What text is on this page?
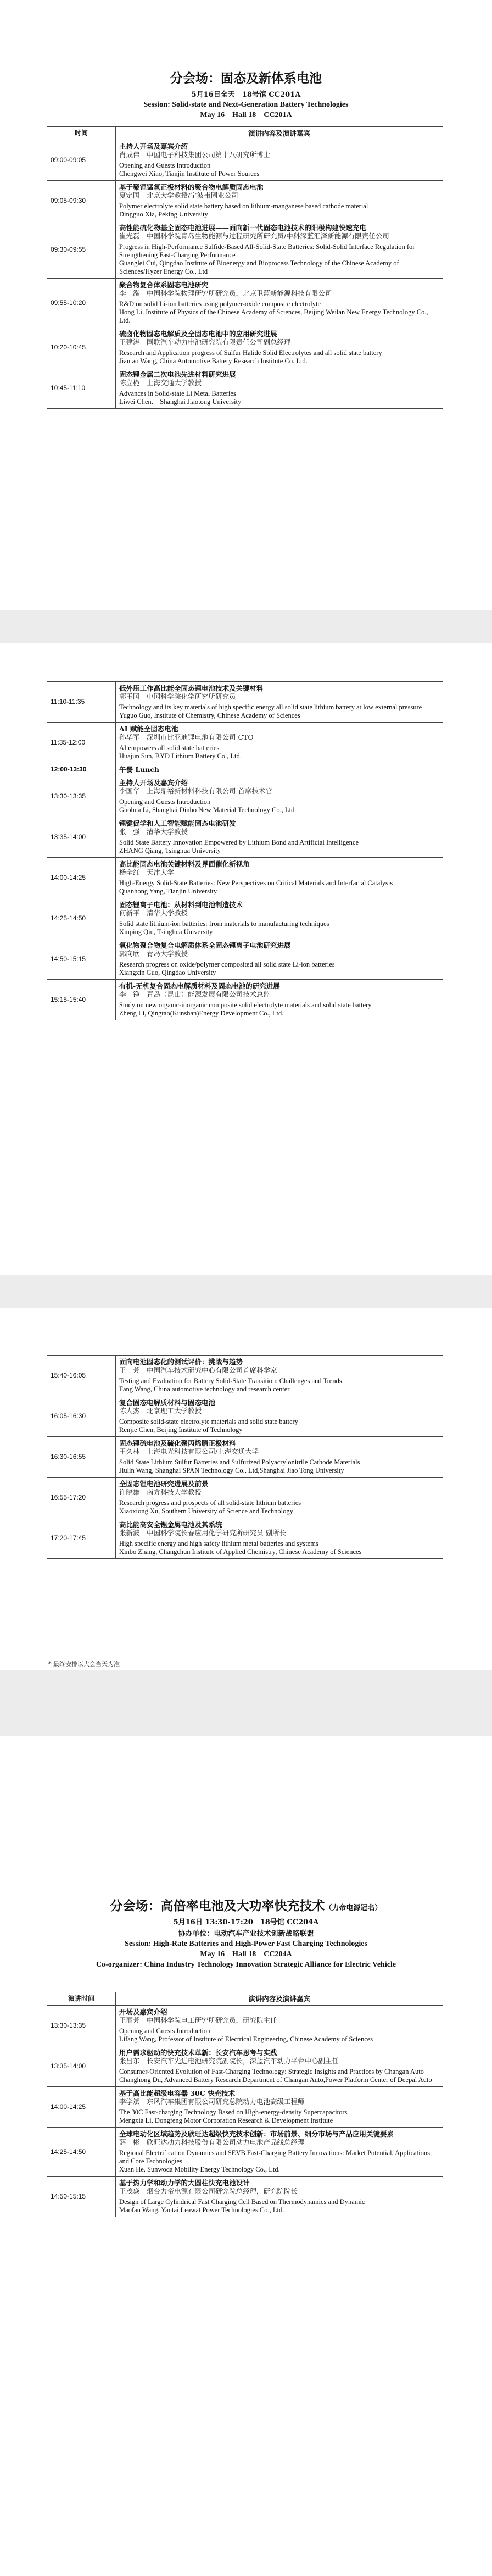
分会场：固态及新体系电池
5月16日全天　18号馆 CC201A
Session: Solid-state and Next-Generation Battery Technologies
May 16　Hall 18　CC201A
时间	演讲内容及演讲嘉宾
09:00-09:05	主持人开场及嘉宾介绍
肖成伟　中国电子科技集团公司第十八研究所博士
Opening and Guests Introduction
Chengwei Xiao, Tianjin Institute of Power Sources

09:05-09:30	基于聚锂锰氧正极材料的聚合物电解质固态电池
夏定国　北京大学教授/宁波韦固业公司
Polymer electrolyte solid state battery based on lithium-manganese based cathode material
Dingguo Xia, Peking University

09:30-09:55	高性能硫化物基全固态电池进展——面向新一代固态电池技术的阳极构建快速充电
崔光磊　中国科学院青岛生物能源与过程研究所研究员/中科深蓝汇泽新能源有限责任公司
Progress in High-Performance Sulfide-Based All-Solid-State Batteries: Solid-Solid Interface Regulation for Strengthening Fast-Charging Performance
Guanglei Cui, Qingdao Institute of Bioenergy and Bioprocess Technology of the Chinese Academy of Sciences/Hyzer Energy Co., Ltd

09:55-10:20	聚合物复合体系固态电池研究
李　泓　中国科学院物理研究所研究员，北京卫蓝新能源科技有限公司
R&D on solid Li-ion batteries using polymer-oxide composite electrolyte
Hong Li, Institute of Physics of the Chinese Academy of Sciences, Beijing Weilan New Energy Technology Co., Ltd.

10:20-10:45	硫卤化物固态电解质及全固态电池中的应用研究进展
王建涛　国联汽车动力电池研究院有限责任公司副总经理
Research and Application progress of Sulfur Halide Solid Electrolytes and all solid state battery
Jiantao Wang, China Automotive Battery Research Institute Co. Ltd.

10:45-11:10	固态锂金属二次电池先进材料研究进展
陈立桅　上海交通大学教授
Advances in Solid-state Li Metal Batteries
Liwei Chen,　Shanghai Jiaotong University
11:10-11:35	低外压工作高比能全固态锂电池技术及关键材料
郭玉国　中国科学院化学研究所研究员
Technology and its key materials of high specific energy all solid state lithium battery at low external pressure
Yuguo Guo, Institute of Chemistry, Chinese Academy of Sciences

11:35-12:00	AI 赋能全固态电池
孙华军　深圳市比亚迪锂电池有限公司 CTO
AI empowers all solid state batteries
Huajun Sun, BYD Lithium Battery Co., Ltd.

12:00-13:30	午餐 Lunch
13:30-13:35	主持人开场及嘉宾介绍
李国华　上海鼎裕新材料科技有限公司 首席技术官
Opening and Guests Introduction
Guohua Li, Shanghai Dinho New Material Technology Co., Ltd

13:35-14:00	锂键促学和人工智能赋能固态电池研发
张　强　清华大学教授
Solid State Battery Innovation Empowered by Lithium Bond and Artificial Intelligence
ZHANG Qiang, Tsinghua University

14:00-14:25	高比能固态电池关键材料及界面催化新视角
杨全红　天津大学
High-Energy Solid-State Batteries: New Perspectives on Critical Materials and Interfacial Catalysis
Quanhong Yang, Tianjin University

14:25-14:50	固态锂离子电池：从材料到电池制造技术
何新平　清华大学教授
Solid state lithium-ion batteries: from materials to manufacturing techniques
Xinping Qiu, Tsinghua University

14:50-15:15	氧化物聚合物复合电解质体系全固态锂离子电池研究进展
郭向欣　青岛大学教授
Research progress on oxide/polymer composited all solid state Li-ion batteries
Xiangxin Guo, Qingdao University

15:15-15:40	有机-无机复合固态电解质材料及固态电池的研究进展
李　铮　青岛（昆山）能源发展有限公司技术总监
Study on new organic-inorganic composite solid electrolyte materials and solid state battery
Zheng Li, Qingtao(Kunshan)Energy Development Co., Ltd.
15:40-16:05	面向电池固态化的测试评价：挑战与趋势
王　芳　中国汽车技术研究中心有限公司首席科学家
Testing and Evaluation for Battery Solid-State Transition: Challenges and Trends
Fang Wang, China automotive technology and research center

16:05-16:30	复合固态电解质材料与固态电池
陈人杰　北京理工大学教授
Composite solid-state electrolyte materials and solid state battery
Renjie Chen, Beijing Institute of Technology

16:30-16:55	固态锂硫电池及硫化聚丙烯腈正极材料
王久林　上海电光科技有限公司/上海交通大学
Solid State Lithium Sulfur Batteries and Sulfurized Polyacrylonitrile Cathode Materials
Jiulin Wang, Shanghai SPAN Technology Co., Ltd,Shanghai Jiao Tong University

16:55-17:20	全固态锂电池研究进展及前景
许晓雄　南方科技大学教授
Research progress and prospects of all solid-state lithium batteries
Xiaoxiong Xu, Southern University of Science and Technology

17:20-17:45	高比能高安全锂金属电池及其系统
张新波　中国科学院长春应用化学研究所研究员 副所长
High specific energy and high safety lithium metal batteries and systems
Xinbo Zhang, Changchun Institute of Applied Chemistry, Chinese Academy of Sciences
* 最终安排以大会当天为准
分会场：高倍率电池及大功率快充技术（力帝电源冠名）
5月16日 13:30-17:20　18号馆 CC204A
协办单位：电动汽车产业技术创新战略联盟
Session: High-Rate Batteries and High-Power Fast Charging Technologies
May 16　Hall 18　CC204A
Co-organizer: China Industry Technology Innovation Strategic Alliance for Electric Vehicle
演讲时间	演讲内容及演讲嘉宾
13:30-13:35	开场及嘉宾介绍
王丽芳　中国科学院电工研究所研究员，研究院主任
Opening and Guests Introduction
Lifang Wang, Professor of Institute of Electrical Engineering, Chinese Academy of Sciences

13:35-14:00	用户需求驱动的快充技术革新：长安汽车思考与实践
张昌东　长安汽车先进电池研究院副院长，深蓝汽车动力平台中心副主任
Consumer-Oriented Evolution of Fast-Charging Technology: Strategic Insights and Practices by Changan Auto
Changhong Du, Advanced Battery Research Department of Changan Auto,Power Platform Center of Deepal Auto

14:00-14:25	基于高比能超级电容器 30C 快充技术
李学斌　东风汽车集团有限公司研究总院动力电池高级工程师
The 30C Fast-charging Technology Based on High-energy-density Supercapacitors
Mengxia Li, Dongfeng Motor Corporation Research & Development Institute

14:25-14:50	全球电动化区域趋势及欣旺达超级快充技术创新：市场前景、细分市场与产品应用关键要素
薛　彬　欣旺达动力科技股份有限公司动力电池产品线总经理
Regional Electrification Dynamics and SEVB Fast-Charging Battery Innovations: Market Potential, Applications, and Core Technologies
Xuan He, Sunwoda Mobility Energy Technology Co., Ltd.

14:50-15:15	基于热力学和动力学的大圆柱快充电池设计
王茂焱　烟台力帝电源有限公司研究院总经理，研究院院长
Design of Large Cylindrical Fast Charging Cell Based on Thermodynamics and Dynamic
Maofan Wang, Yantai Leawat Power Technologies Co., Ltd.
